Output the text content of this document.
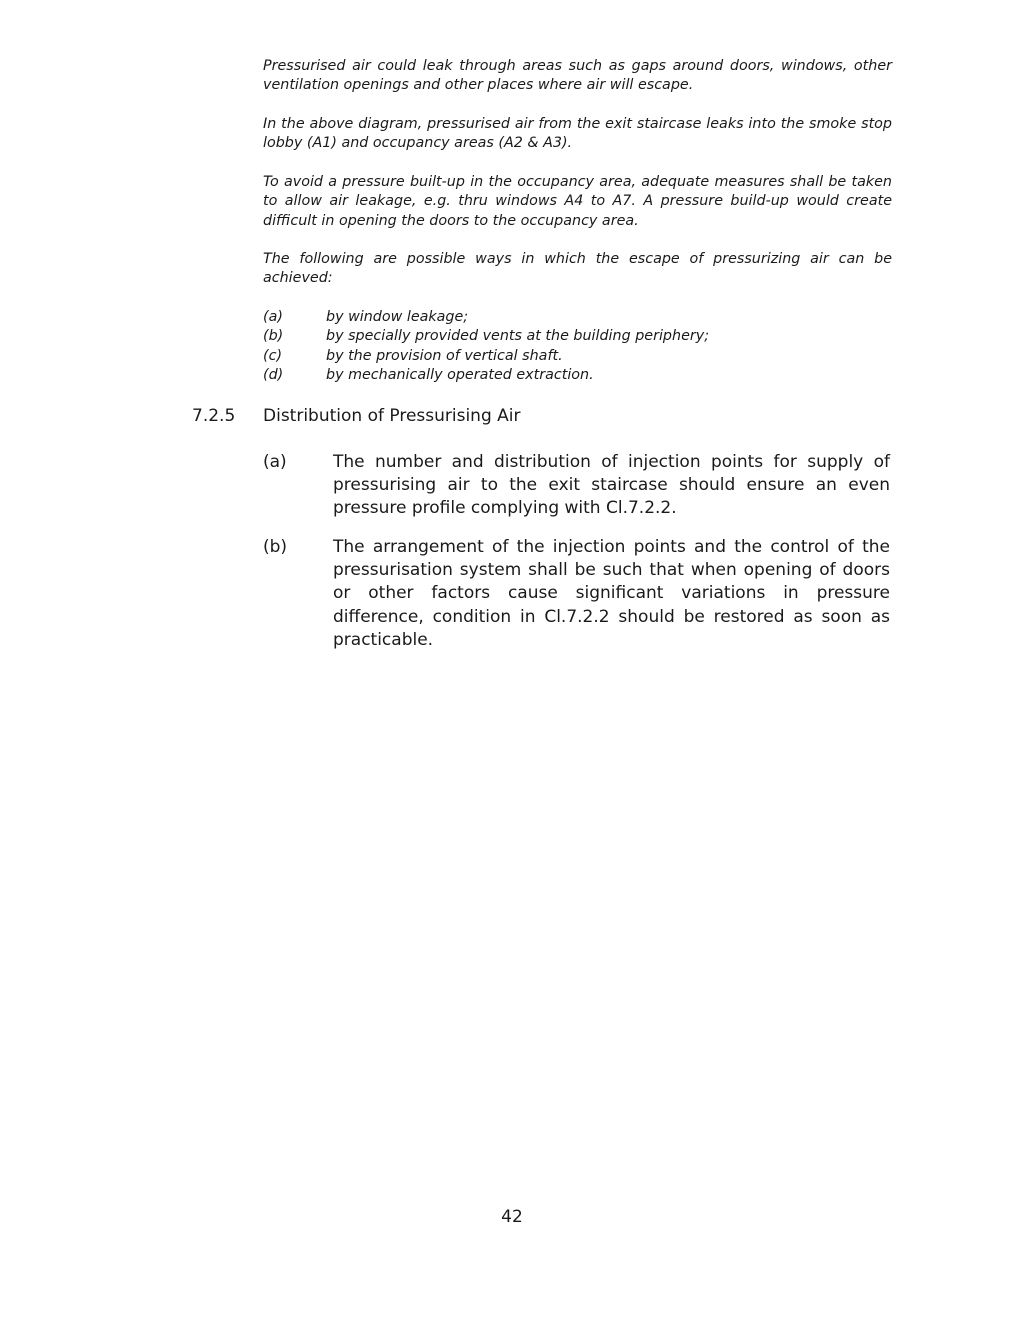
Pressurised air could leak through areas such as gaps around doors, windows, other ventilation openings and other places where air will escape.

In the above diagram, pressurised air from the exit staircase leaks into the smoke stop lobby (A1) and occupancy areas (A2 & A3).

To avoid a pressure built-up in the occupancy area, adequate measures shall be taken to allow air leakage, e.g. thru windows A4 to A7. A pressure build-up would create difficult in opening the doors to the occupancy area.

The following are possible ways in which the escape of pressurizing air can be achieved:

(a)	by window leakage;
(b)	by specially provided vents at the building periphery;
(c)	by the provision of vertical shaft.
(d)	by mechanically operated extraction.
7.2.5	Distribution of Pressurising Air
(a)	The number and distribution of injection points for supply of pressurising air to the exit staircase should ensure an even pressure profile complying with Cl.7.2.2.
(b)	The arrangement of the injection points and the control of the pressurisation system shall be such that when opening of doors or other factors cause significant variations in pressure difference, condition in Cl.7.2.2 should be restored as soon as practicable.
42
